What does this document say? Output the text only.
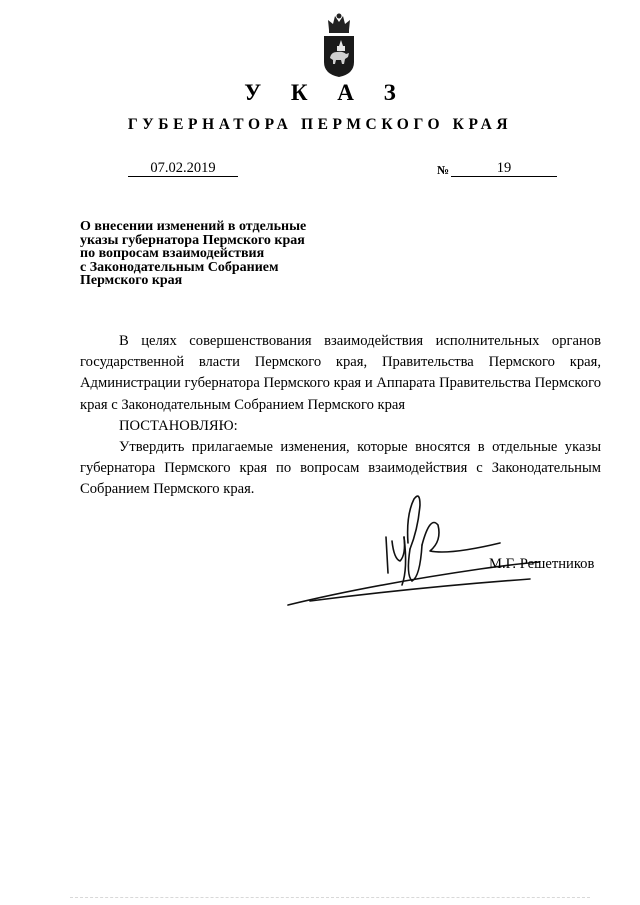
У К А З
ГУБЕРНАТОРА ПЕРМСКОГО КРАЯ
07.02.2019	№	19
О внесении изменений в отдельные
указы губернатора Пермского края
по вопросам взаимодействия
с Законодательным Собранием
Пермского края

В целях совершенствования взаимодействия исполнительных органов государственной власти Пермского края, Правительства Пермского края, Администрации губернатора Пермского края и Аппарата Правительства Пермского края с Законодательным Собранием Пермского края

ПОСТАНОВЛЯЮ:

Утвердить прилагаемые изменения, которые вносятся в отдельные указы губернатора Пермского края по вопросам взаимодействия с Законодательным Собранием Пермского края.

М.Г. Решетников
